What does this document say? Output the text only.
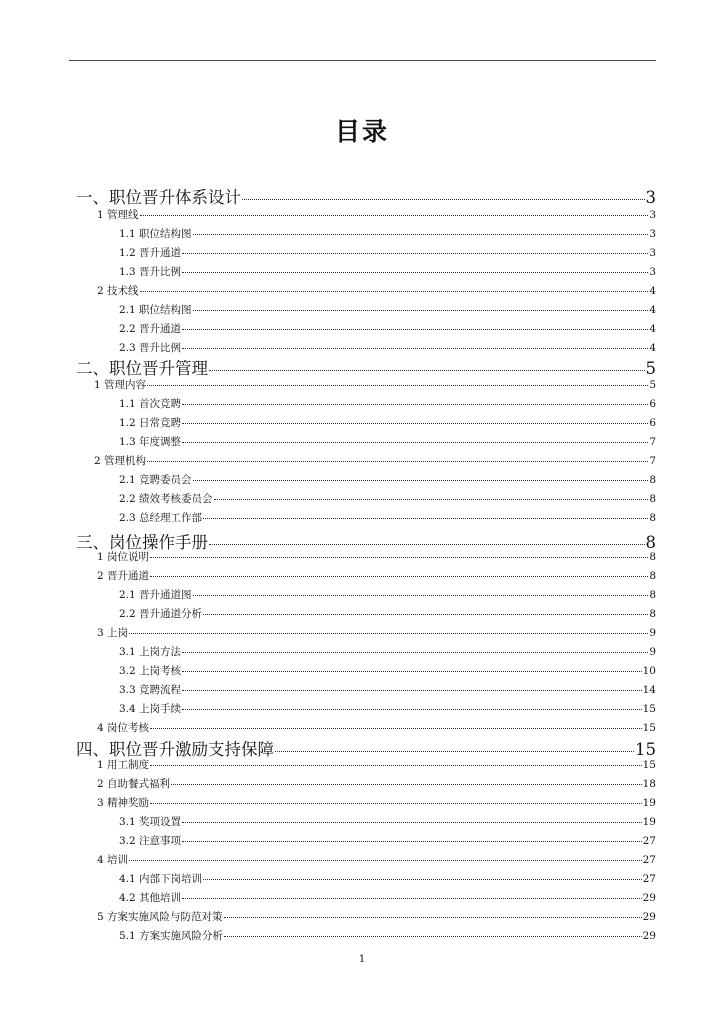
目录
一、职位晋升体系设计	3
1 管理线	3
1.1 职位结构图	3
1.2 晋升通道	3
1.3 晋升比例	3
2 技术线	4
2.1 职位结构图	4
2.2 晋升通道	4
2.3 晋升比例	4
二、职位晋升管理	5
1 管理内容	5
1.1 首次竞聘	6
1.2 日常竞聘	6
1.3 年度调整	7
2 管理机构	7
2.1 竞聘委员会	8
2.2 绩效考核委员会	8
2.3 总经理工作部	8
三、岗位操作手册	8
1 岗位说明	8
2 晋升通道	8
2.1 晋升通道图	8
2.2 晋升通道分析	8
3 上岗	9
3.1 上岗方法	9
3.2 上岗考核	10
3.3 竞聘流程	14
3.4 上岗手续	15
4 岗位考核	15
四、职位晋升激励支持保障	15
1 用工制度	15
2 自助餐式福利	18
3 精神奖励	19
3.1 奖项设置	19
3.2 注意事项	27
4 培训	27
4.1 内部下岗培训	27
4.2 其他培训	29
5 方案实施风险与防范对策	29
5.1 方案实施风险分析	29
1
